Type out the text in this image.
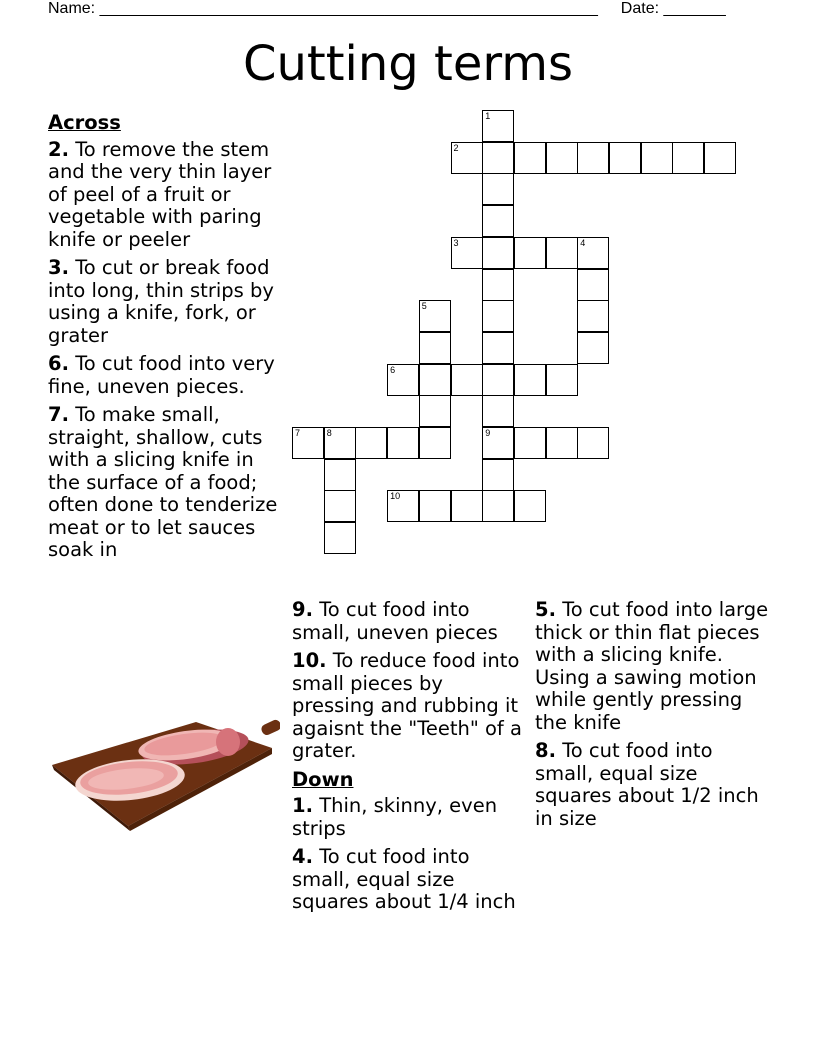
Name: ________________________________________________________ Date: _______
Cutting terms
Across
2. To remove the stem and the very thin layer of peel of a fruit or vegetable with paring knife or peeler
3. To cut or break food into long, thin strips by using a knife, fork, or grater
6. To cut food into very fine, uneven pieces.
7. To make small, straight, shallow, cuts with a slicing knife in the surface of a food; often done to tenderize meat or to let sauces soak in
9. To cut food into small, uneven pieces
10. To reduce food into small pieces by pressing and rubbing it agaisnt the "Teeth" of a grater.
Down
1. Thin, skinny, even strips
4. To cut food into small, equal size squares about 1/4 inch
5. To cut food into large thick or thin flat pieces with a slicing knife. Using a sawing motion while gently pressing the knife
8. To cut food into small, equal size squares about 1/2 inch in size
1
9
2
3	4
5
6
7	8
10
